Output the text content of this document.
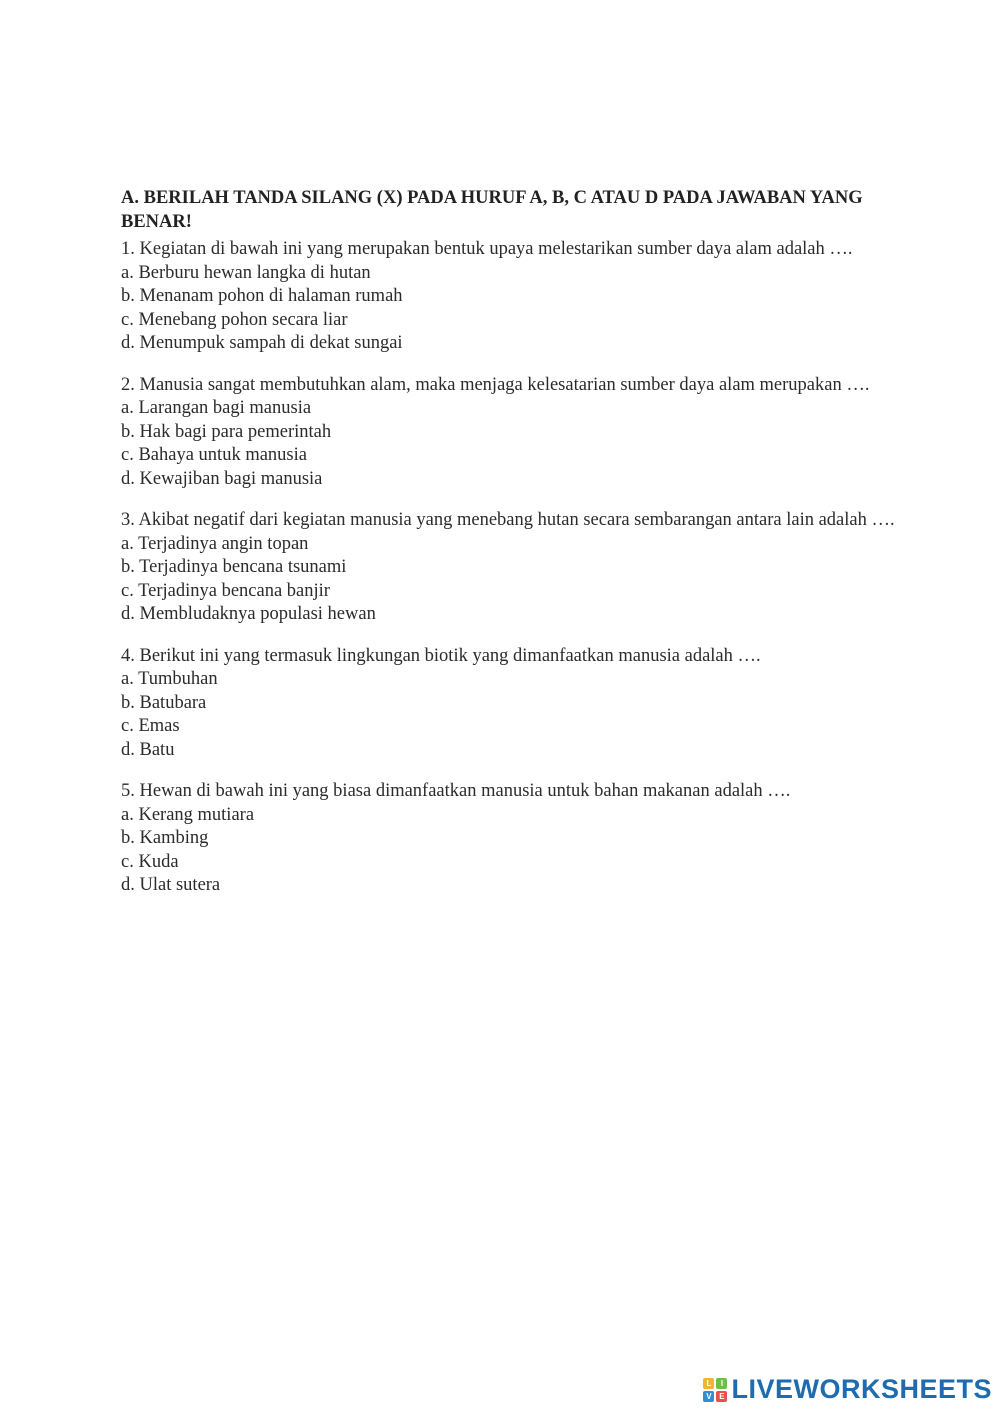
A. BERILAH TANDA SILANG (X) PADA HURUF A, B, C ATAU D PADA JAWABAN YANG BENAR!

1. Kegiatan di bawah ini yang merupakan bentuk upaya melestarikan sumber daya alam adalah ….

a. Berburu hewan langka di hutan
b. Menanam pohon di halaman rumah
c. Menebang pohon secara liar
d. Menumpuk sampah di dekat sungai

2. Manusia sangat membutuhkan alam, maka menjaga kelesatarian sumber daya alam merupakan ….

a. Larangan bagi manusia
b. Hak bagi para pemerintah
c. Bahaya untuk manusia
d. Kewajiban bagi manusia

3. Akibat negatif dari kegiatan manusia yang menebang hutan secara sembarangan antara lain adalah ….

a. Terjadinya angin topan
b. Terjadinya bencana tsunami
c. Terjadinya bencana banjir
d. Membludaknya populasi hewan

4. Berikut ini yang termasuk lingkungan biotik yang dimanfaatkan manusia adalah ….

a. Tumbuhan
b. Batubara
c. Emas
d. Batu

5. Hewan di bawah ini yang biasa dimanfaatkan manusia untuk bahan makanan adalah ….

a. Kerang mutiara
b. Kambing
c. Kuda
d. Ulat sutera
L	I
V E LIVEWORKSHEETS
